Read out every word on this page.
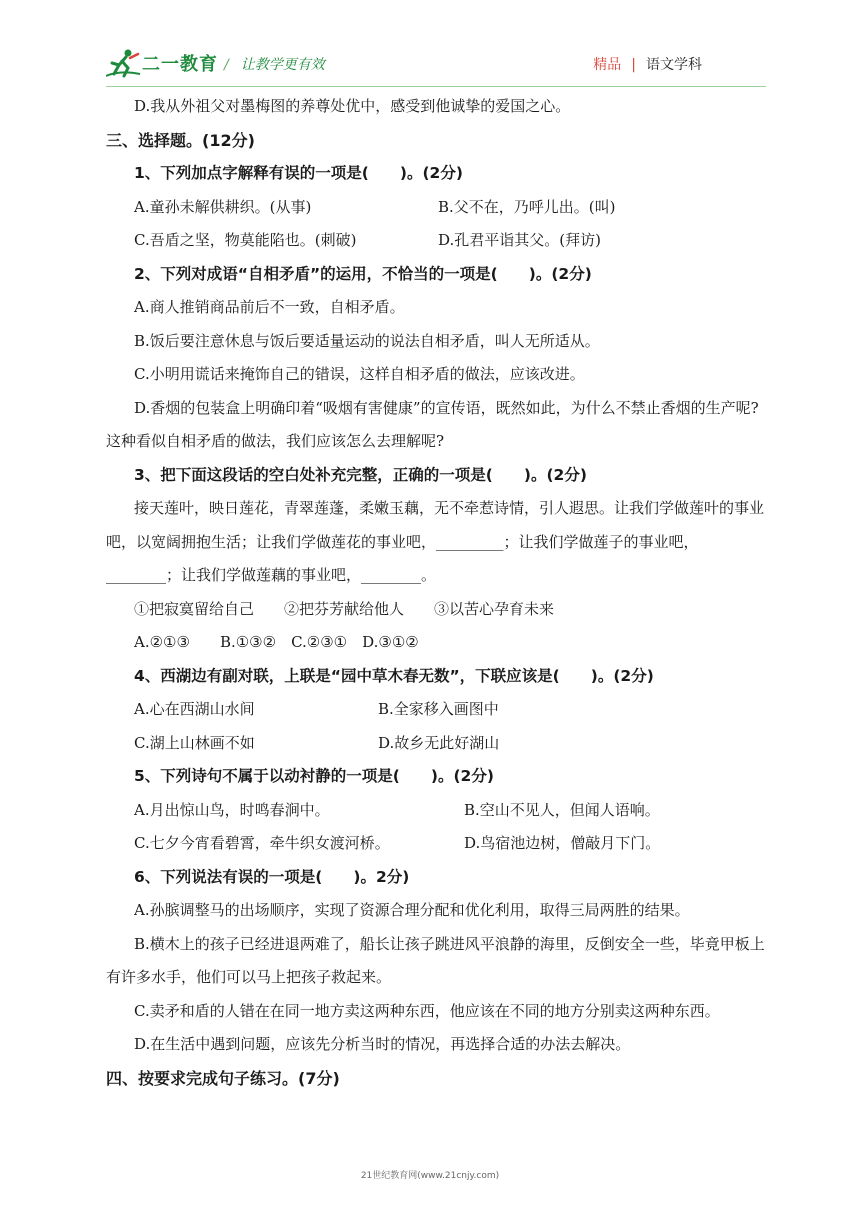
二一教育 / 让教学更有效	精品 | 语文学科

D.我从外祖父对墨梅图的养尊处优中，感受到他诚挚的爱国之心。

三、选择题。(12分)

1、下列加点字解释有误的一项是(　　)。(2分)

A.童孙未解供耕织。(从事)	B.父不在，乃呼儿出。(叫)
C.吾盾之坚，物莫能陷也。(刺破)	D.孔君平诣其父。(拜访)

2、下列对成语“自相矛盾”的运用，不恰当的一项是(　　)。(2分)

A.商人推销商品前后不一致，自相矛盾。

B.饭后要注意休息与饭后要适量运动的说法自相矛盾，叫人无所适从。

C.小明用谎话来掩饰自己的错误，这样自相矛盾的做法，应该改进。

D.香烟的包装盒上明确印着“吸烟有害健康”的宣传语，既然如此，为什么不禁止香烟的生产呢?这种看似自相矛盾的做法，我们应该怎么去理解呢?

3、把下面这段话的空白处补充完整，正确的一项是(　　)。(2分)

接天莲叶，映日莲花，青翠莲蓬，柔嫩玉藕，无不牵惹诗情，引人遐思。让我们学做莲叶的事业吧，以宽阔拥抱生活；让我们学做莲花的事业吧，_________；让我们学做莲子的事业吧，________；让我们学做莲藕的事业吧，________。

①把寂寞留给自己　　②把芬芳献给他人　　③以苦心孕育未来

A.②①③　　B.①③②　C.②③①　D.③①②

4、西湖边有副对联，上联是“园中草木春无数”，下联应该是(　　)。(2分)

A.心在西湖山水间	B.全家移入画图中
C.湖上山林画不如	D.故乡无此好湖山

5、下列诗句不属于以动衬静的一项是(　　)。(2分)

A.月出惊山鸟，时鸣春涧中。	B.空山不见人，但闻人语响。
C.七夕今宵看碧霄，牵牛织女渡河桥。	D.鸟宿池边树，僧敲月下门。

6、下列说法有误的一项是(　　)。2分)

A.孙膑调整马的出场顺序，实现了资源合理分配和优化利用，取得三局两胜的结果。

B.横木上的孩子已经进退两难了，船长让孩子跳进风平浪静的海里，反倒安全一些，毕竟甲板上有许多水手，他们可以马上把孩子救起来。

C.卖矛和盾的人错在在同一地方卖这两种东西，他应该在不同的地方分别卖这两种东西。

D.在生活中遇到问题，应该先分析当时的情况，再选择合适的办法去解决。

四、按要求完成句子练习。(7分)

21世纪教育网(www.21cnjy.com)
